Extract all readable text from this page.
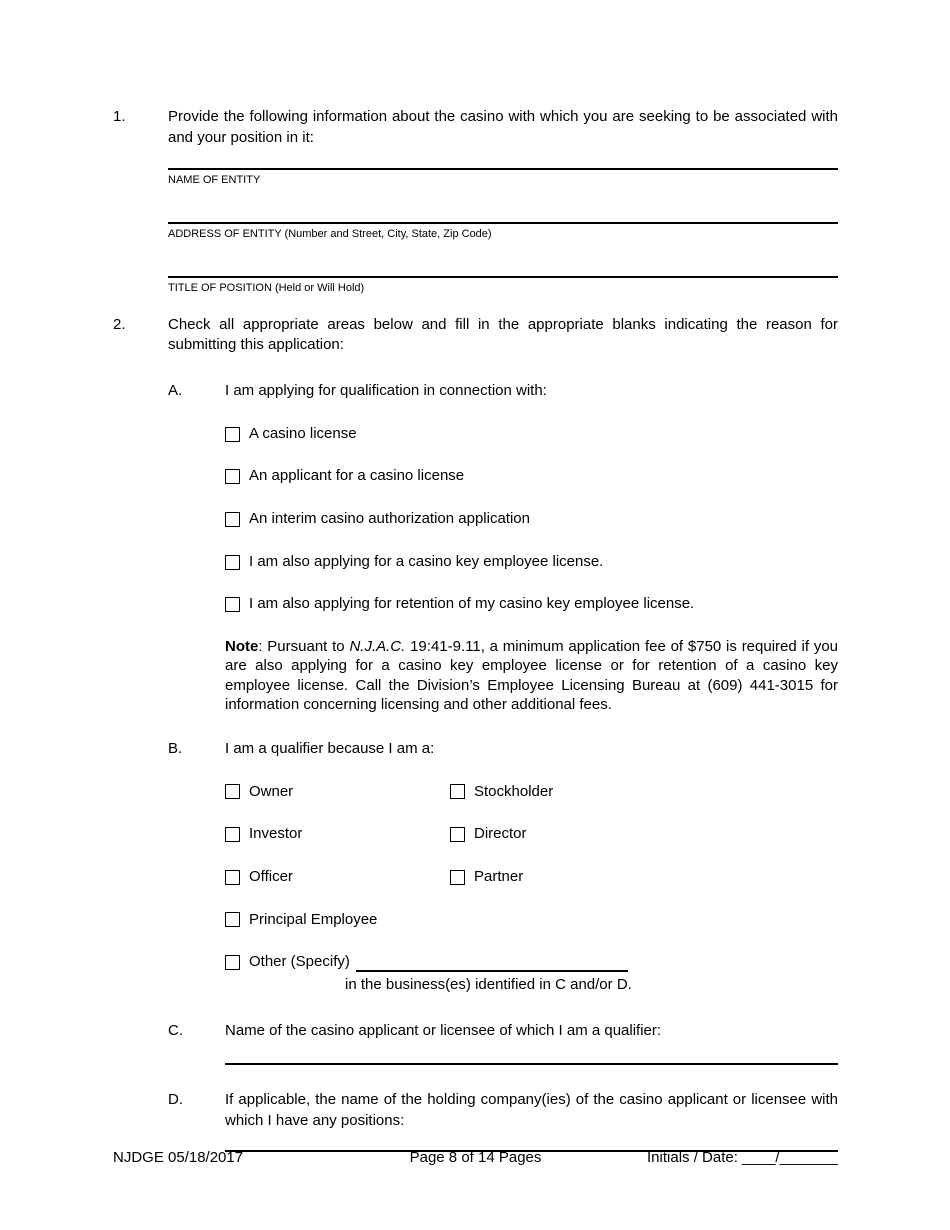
1.	Provide the following information about the casino with which you are seeking to be associated with and your position in it:

NAME OF ENTITY
ADDRESS OF ENTITY (Number and Street, City, State, Zip Code)
TITLE OF POSITION (Held or Will Hold)
2.	Check all appropriate areas below and fill in the appropriate blanks indicating the reason for submitting this application:

A.	I am applying for qualification in connection with:

A casino license
An applicant for a casino license
An interim casino authorization application
I am also applying for a casino key employee license.
I am also applying for retention of my casino key employee license.

Note: Pursuant to N.J.A.C. 19:41-9.11, a minimum application fee of $750 is required if you are also applying for a casino key employee license or for retention of a casino key employee license. Call the Division’s Employee Licensing Bureau at (609) 441-3015 for information concerning licensing and other additional fees.

B.	I am a qualifier because I am a:

Owner	Stockholder
Investor	Director
Officer	Partner
Principal Employee
Other (Specify)
in the business(es) identified in C and/or D.
C.	Name of the casino applicant or licensee of which I am a qualifier:

D.	If applicable, the name of the holding company(ies) of the casino applicant or licensee with which I have any positions:

NJDGE 05/18/2017	Page 8 of 14 Pages	Initials / Date: ____/_______
